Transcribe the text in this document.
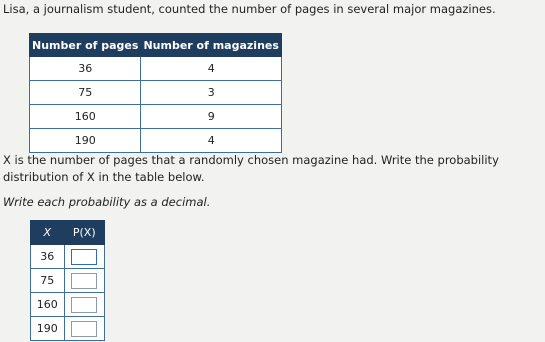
Lisa, a journalism student, counted the number of pages in several major magazines.
Number of pages	Number of magazines
36	4
75	3
160	9
190	4
X is the number of pages that a randomly chosen magazine had. Write the probability
distribution of X in the table below.
Write each probability as a decimal.
X	P(X)
36	
75	
160	
190	
